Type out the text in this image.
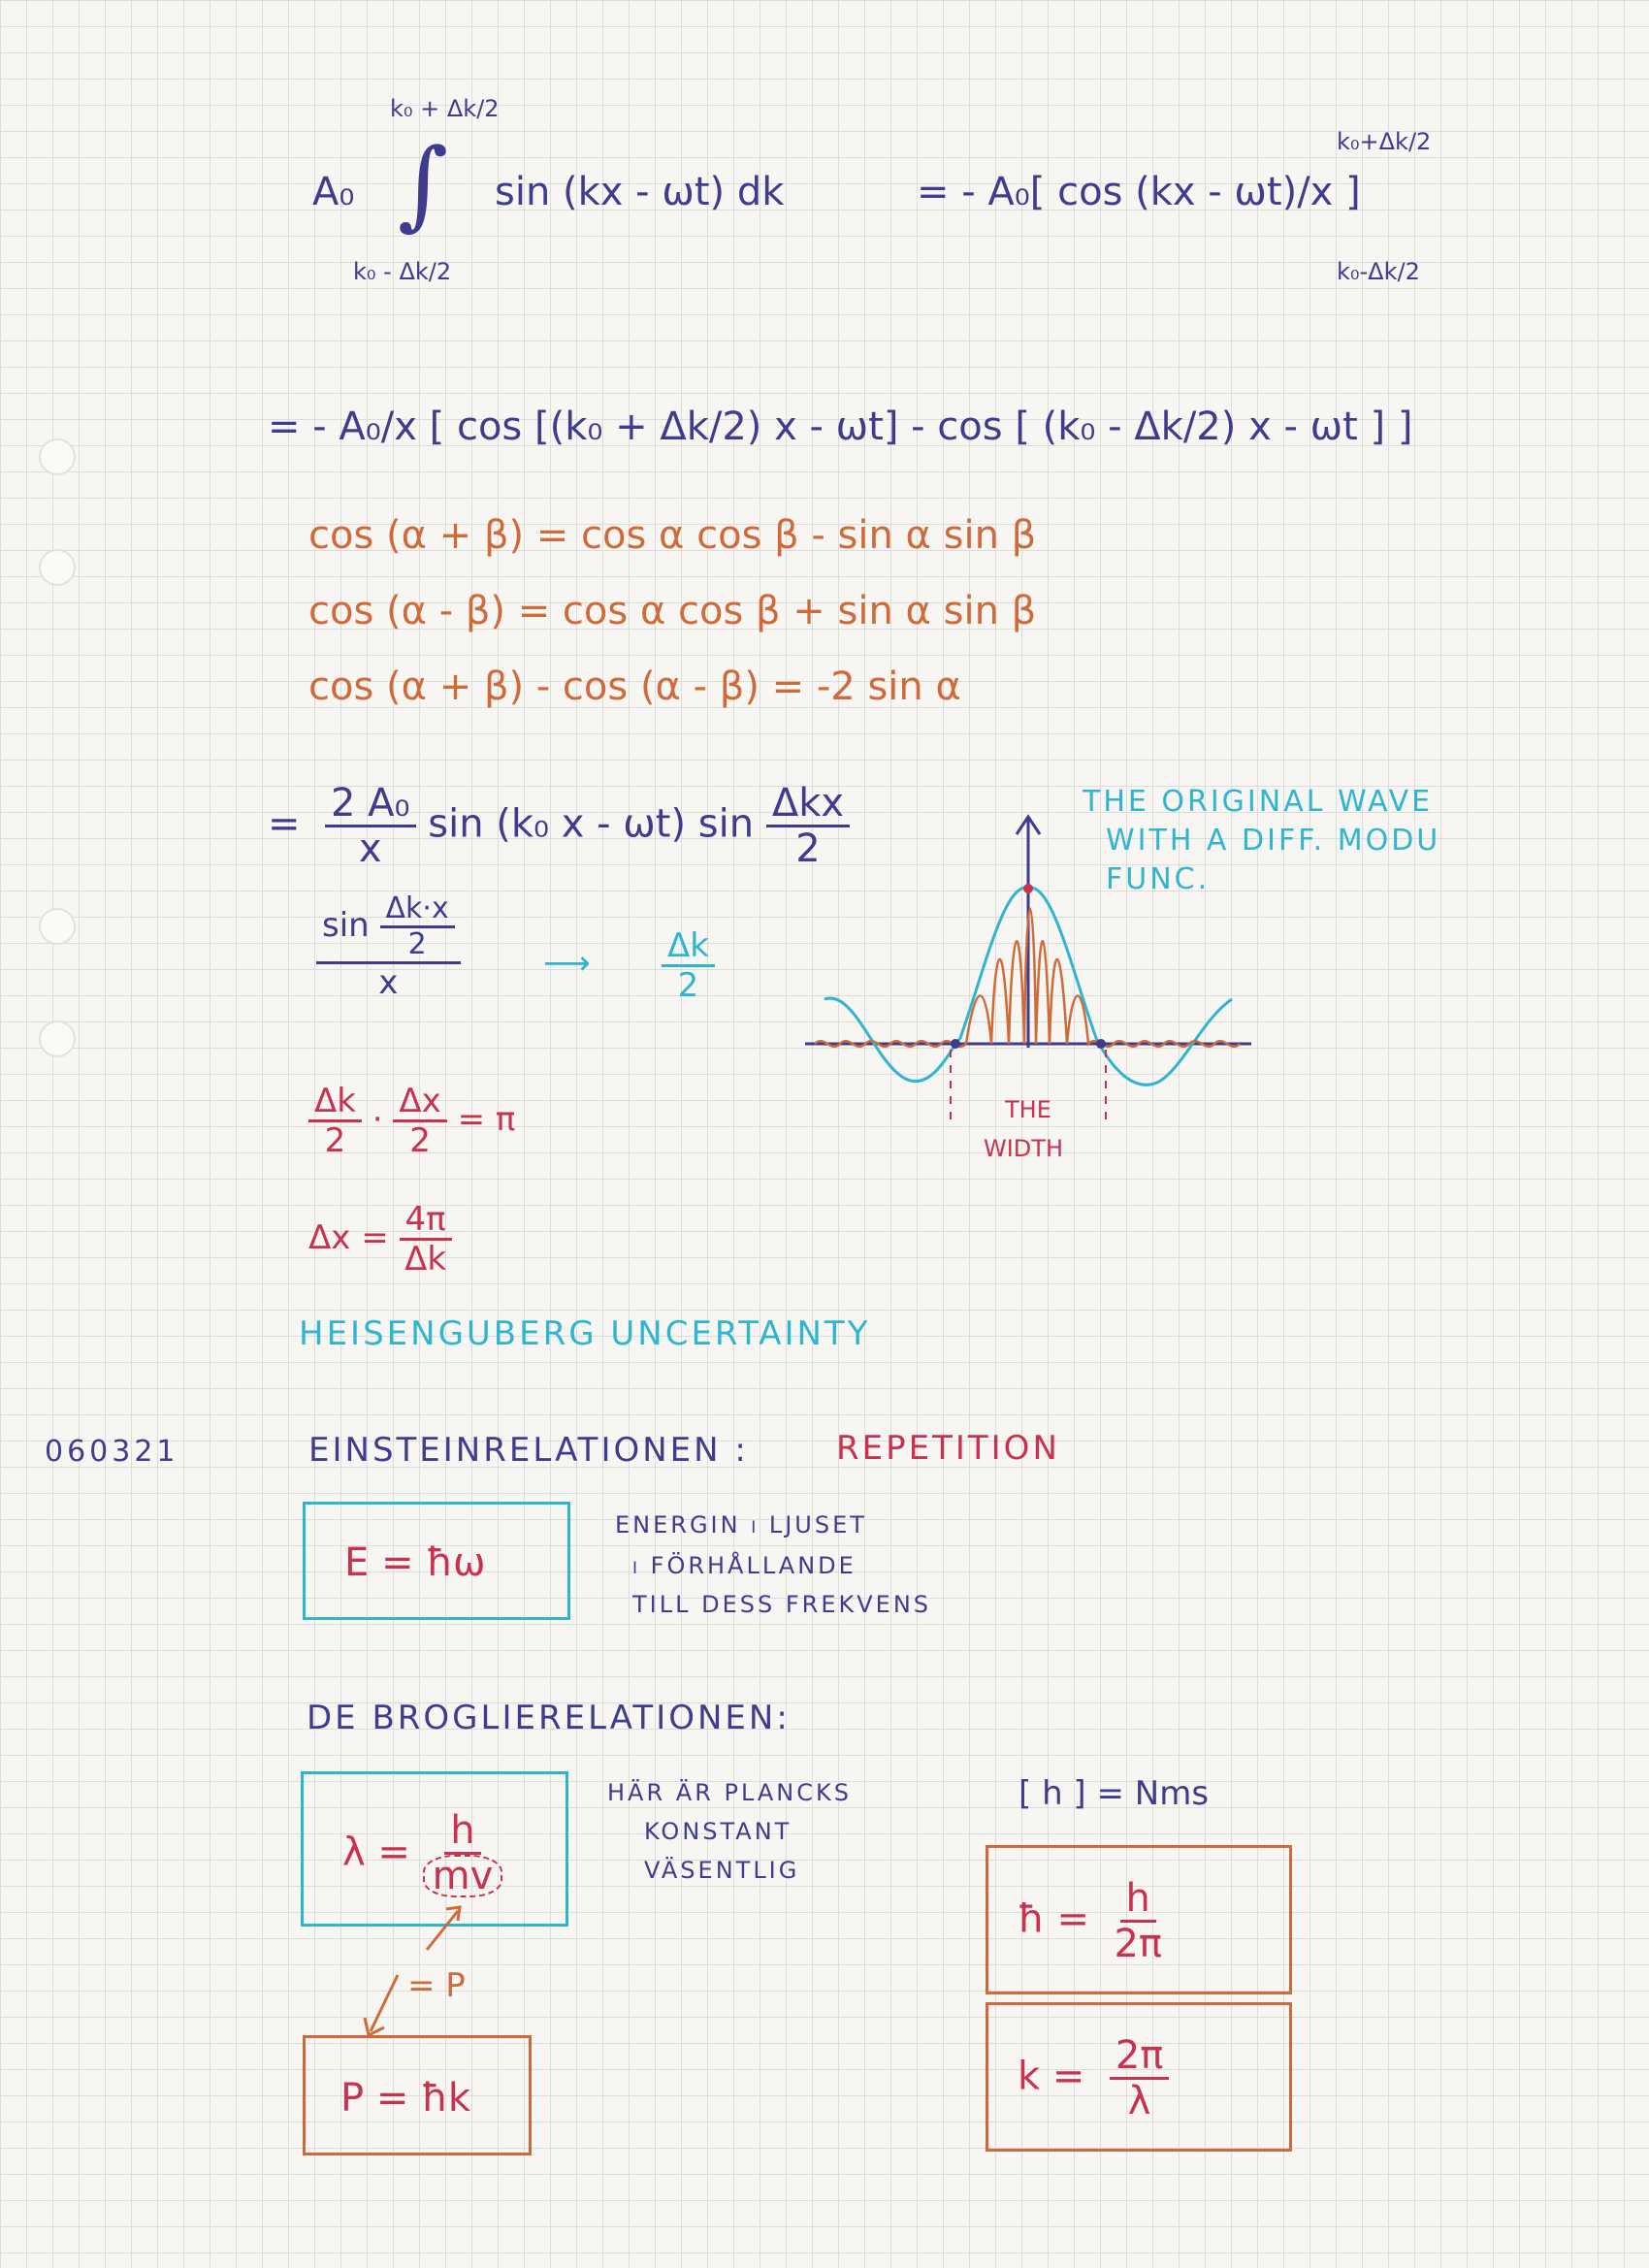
A₀ ∫
k₀ + Δk/2
k₀ - Δk/2
sin (kx - ωt) dk	= - A₀[ cos (kx - ωt)/x ]
k₀+Δk/2
k₀-Δk/2
= - A₀/x [ cos [(k₀ + Δk/2) x - ωt] - cos [ (k₀ - Δk/2) x - ωt ] ]
cos (α + β) = cos α cos β - sin α sin β
cos (α - β) = cos α cos β + sin α sin β
cos (α + β) - cos (α - β) = -2 sin α
= $\frac{\text{2 A₀}}{x}$ sin (k₀ x - ωt) $\sin \frac{\text{Δkx}}{2}$
$\frac{\sin \frac{\Delta k\cdot x}{2}}{x}$	⟶ $\frac{\Delta k}{2}$
THE ORIGINAL WAVE
WITH A DIFF. MODU
FUNC.
THE
WIDTH
$\frac{\Delta k}{2} \cdot \frac{\Delta x}{2} = \pi$
$\Delta x = \frac{4\pi}{\Delta k}$
HEISENGUBERG UNCERTAINTY
060321	EINSTEINRELATIONEN :	REPETITION
E = ħω
ENERGIN i LJUSET
i FÖRHÅLLANDE
TILL DESS FREKVENS
DE BROGLIERELATIONEN:
$\lambda = \frac{h}{mv}$
HÄR ÄR PLANCKS
KONSTANT
VÄSENTLIG
[ h ] = Nms
ħ = $\frac{h}{2\pi}$
$k = \frac{2\pi}{\lambda}$
= P
P = ħk
